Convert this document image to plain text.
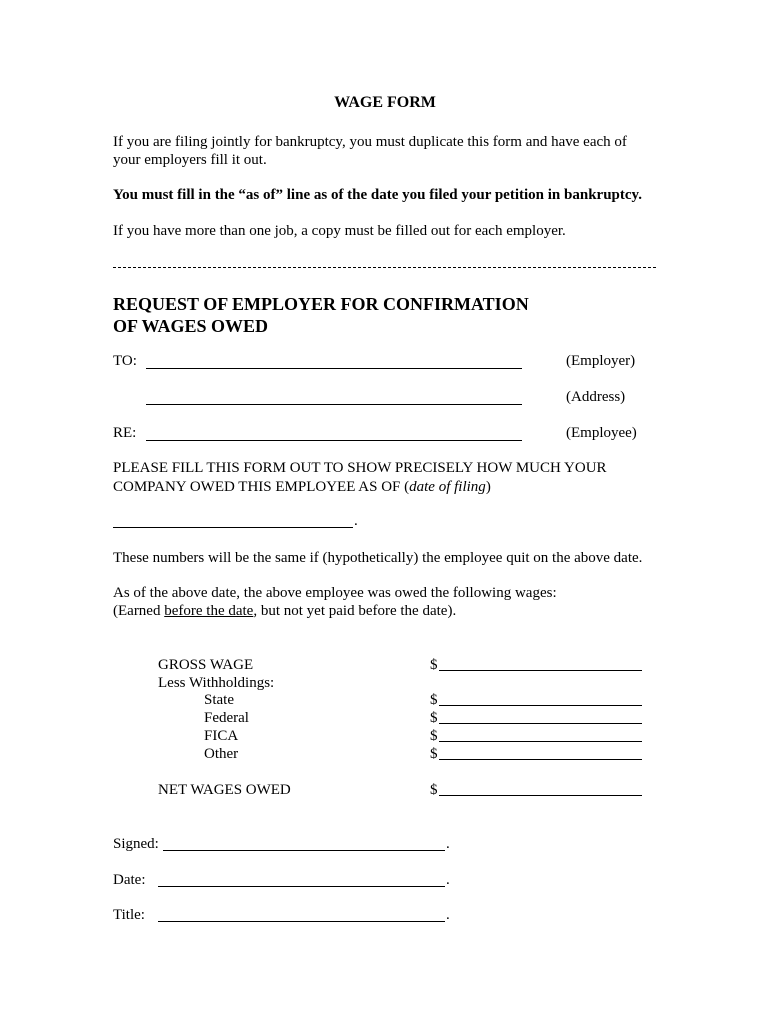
WAGE FORM
If you are filing jointly for bankruptcy, you must duplicate this form and have each of
your employers fill it out.
You must fill in the “as of” line as of the date you filed your petition in bankruptcy.
If you have more than one job, a copy must be filled out for each employer.
REQUEST OF EMPLOYER FOR CONFIRMATION
OF WAGES OWED
TO:	(Employer)
(Address)
RE:	(Employee)
PLEASE FILL THIS FORM OUT TO SHOW PRECISELY HOW MUCH YOUR
COMPANY OWED THIS EMPLOYEE AS OF (date of filing)
.
These numbers will be the same if (hypothetically) the employee quit on the above date.
As of the above date, the above employee was owed the following wages:
(Earned before the date, but not yet paid before the date).
GROSS WAGE	$
Less Withholdings:
State	$
Federal	$
FICA	$
Other	$
NET WAGES OWED	$
Signed:	.
Date:	.
Title:	.
